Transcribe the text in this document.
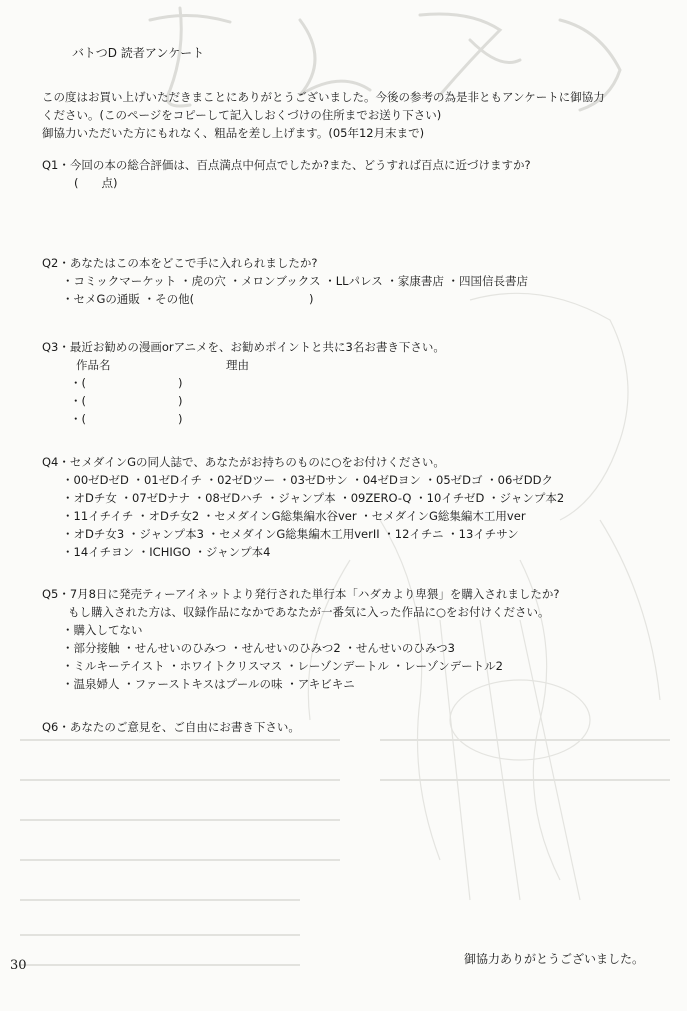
バトつD 読者アンケート
この度はお買い上げいただきまことにありがとうございました。今後の参考の為是非ともアンケートに御協力
ください。(このページをコピーして記入しおくづけの住所までお送り下さい)
御協力いただいた方にもれなく、粗品を差し上げます。(05年12月末まで)
Q1・今回の本の総合評価は、百点満点中何点でしたか?また、どうすれば百点に近づけますか?
(　　点)
Q2・あなたはこの本をどこで手に入れられましたか?
・コミックマーケット ・虎の穴 ・メロンブックス ・LLパレス ・家康書店 ・四国信長書店
・セメGの通販 ・その他(　　　　　　　　　　)
Q3・最近お勧めの漫画orアニメを、お勧めポイントと共に3名お書き下さい。
作品名	理由
・(　　　　　　　　)
・(　　　　　　　　)
・(　　　　　　　　)
Q4・セメダインGの同人誌で、あなたがお持ちのものに○をお付けください。
・00ゼDゼD ・01ゼDイチ ・02ゼDツー ・03ゼDサン ・04ゼDヨン ・05ゼDゴ ・06ゼDDク
・オDチ女 ・07ゼDナナ ・08ゼDハチ ・ジャンプ本 ・09ZERO-Q ・10イチゼD ・ジャンプ本2
・11イチイチ ・オDチ女2 ・セメダインG総集編水谷ver ・セメダインG総集編木工用ver
・オDチ女3 ・ジャンプ本3 ・セメダインG総集編木工用verII ・12イチニ ・13イチサン
・14イチヨン ・ICHIGO ・ジャンプ本4
Q5・7月8日に発売ティーアイネットより発行された単行本「ハダカより卑猥」を購入されましたか?
もし購入された方は、収録作品になかであなたが一番気に入った作品に○をお付けください。
・購入してない
・部分接触 ・せんせいのひみつ ・せんせいのひみつ2 ・せんせいのひみつ3
・ミルキーテイスト ・ホワイトクリスマス ・レーゾンデートル ・レーゾンデートル2
・温泉婦人 ・ファーストキスはプールの味 ・アキビキニ
Q6・あなたのご意見を、ご自由にお書き下さい。
御協力ありがとうございました。
30
